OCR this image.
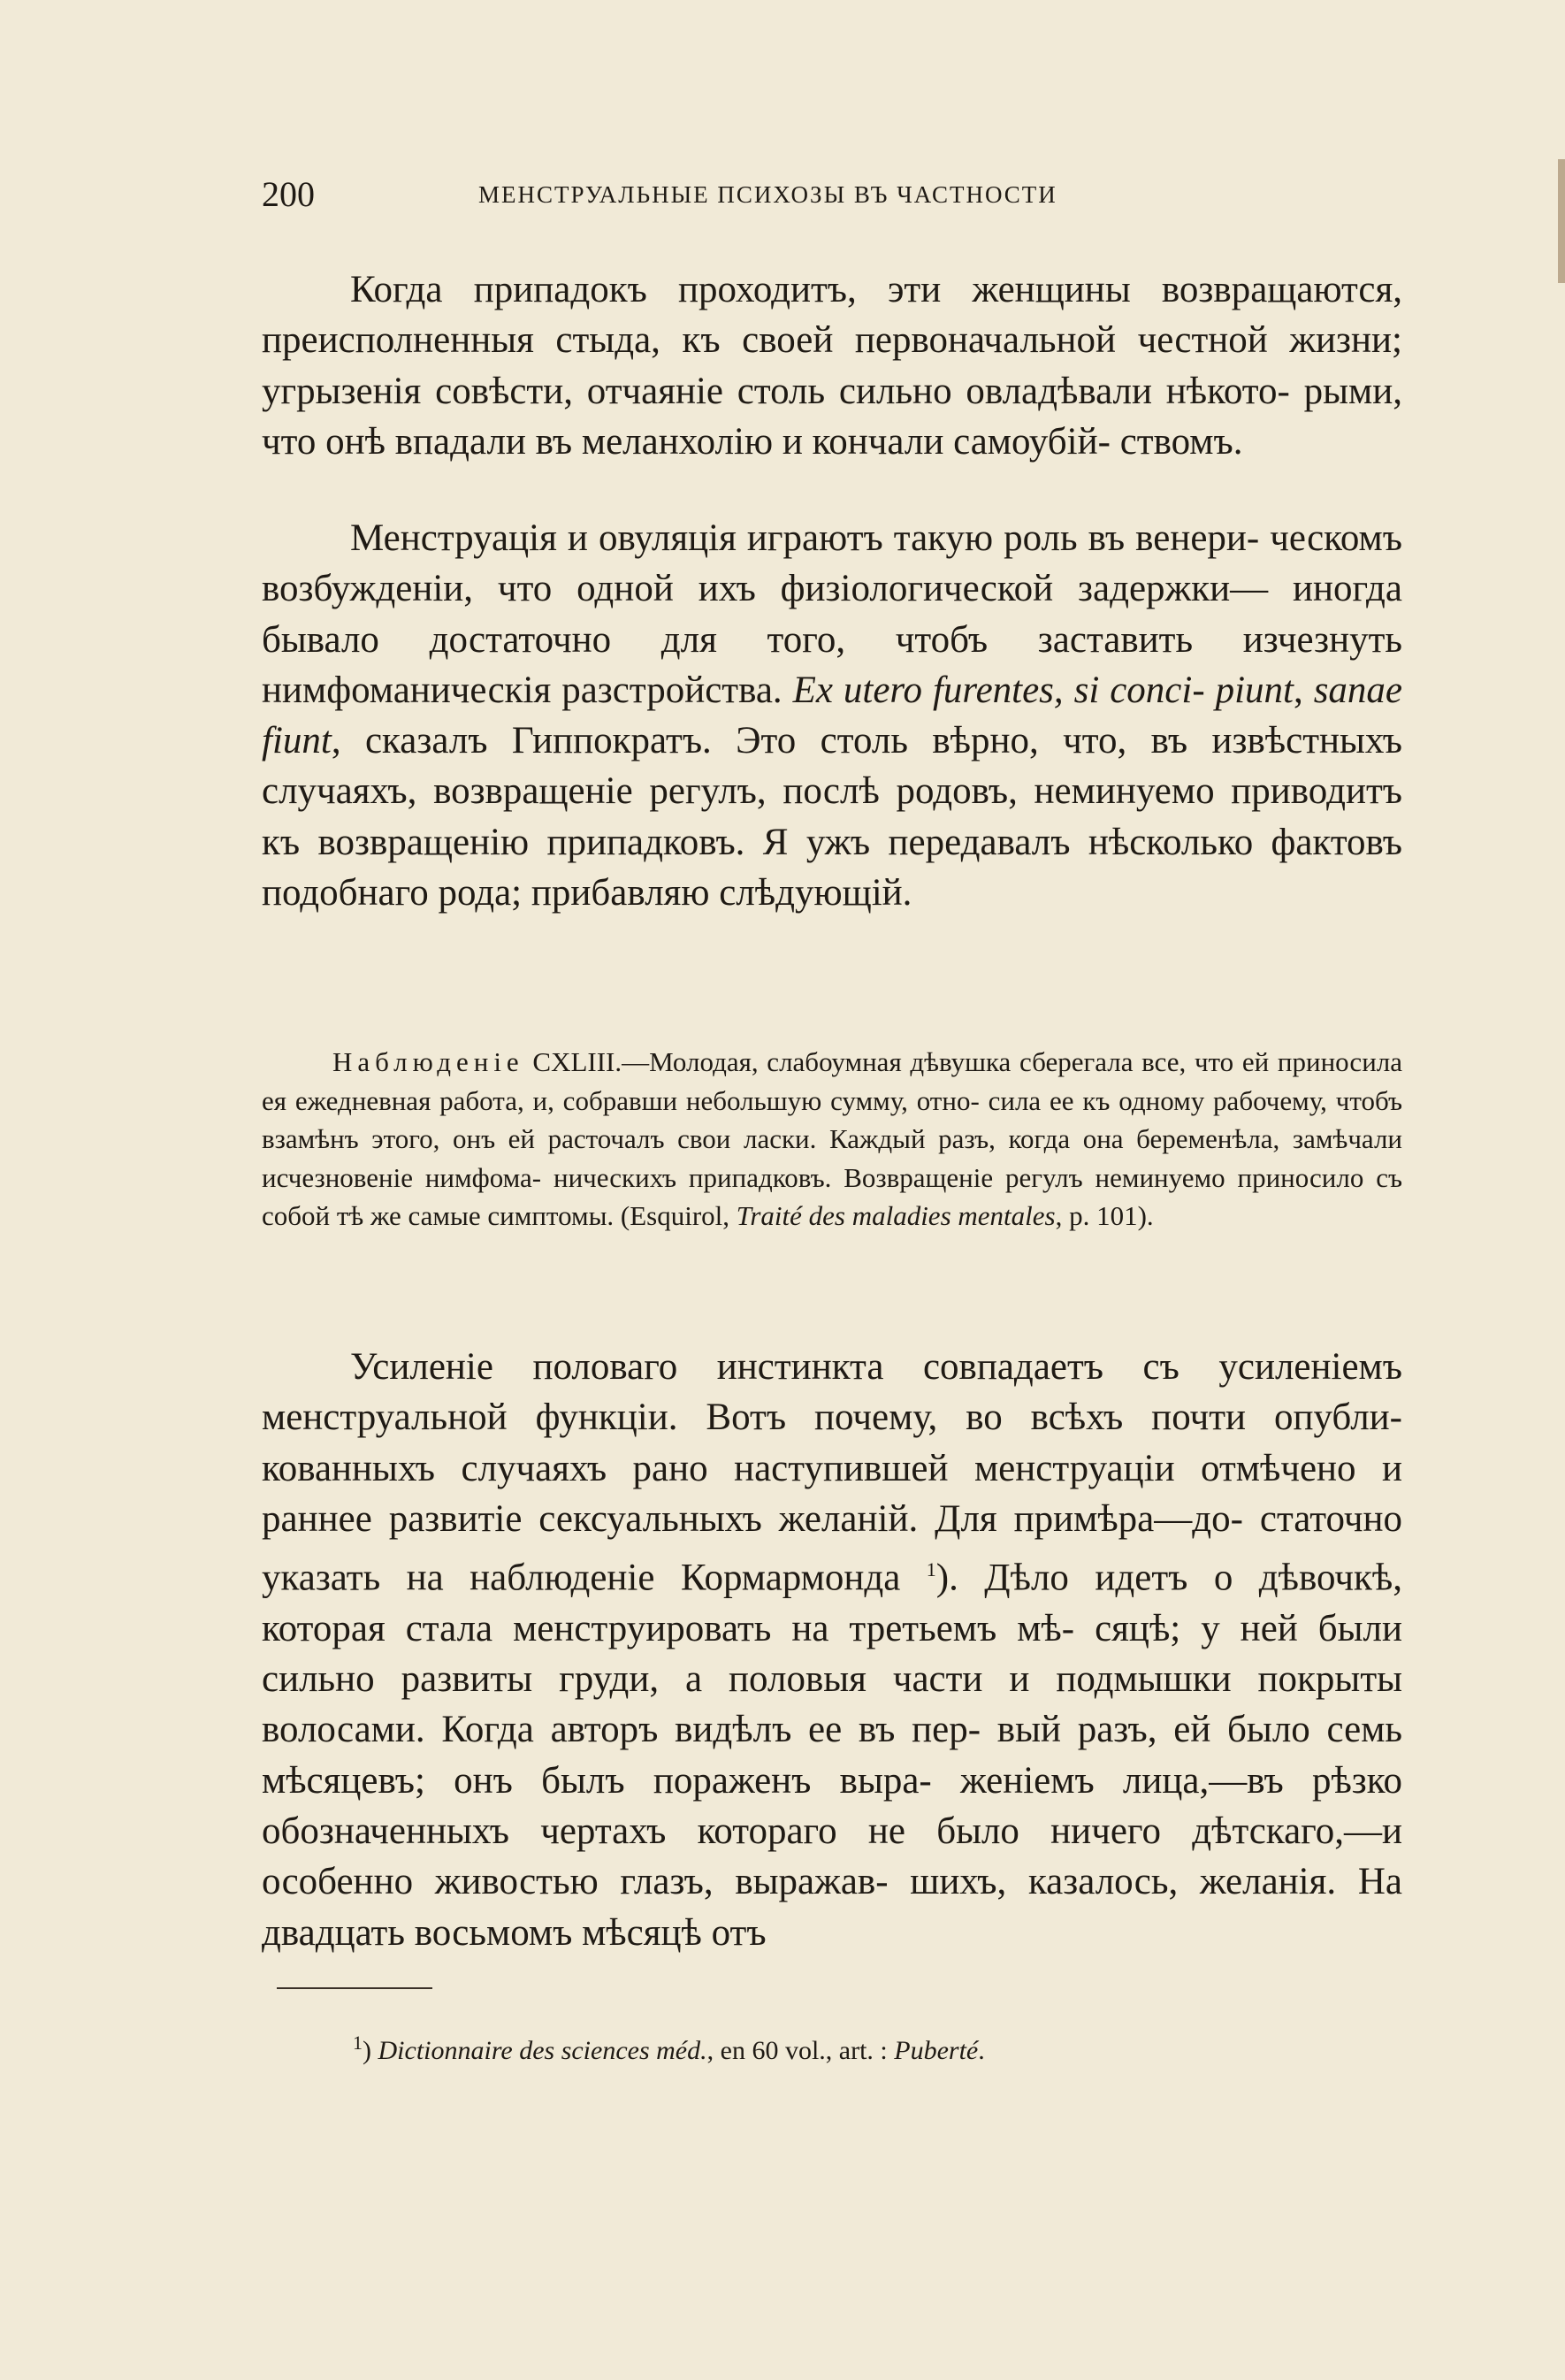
200	МЕНСТРУАЛЬНЫЕ ПСИХОЗЫ ВЪ ЧАСТНОСТИ

Когда припадокъ проходитъ, эти женщины возвращаются, преисполненныя стыда, къ своей первоначальной честной жизни; угрызенія совѣсти, отчаяніе столь сильно овладѣвали нѣкото- рыми, что онѣ впадали въ меланхолію и кончали самоубій- ствомъ.

Менструація и овуляція играютъ такую роль въ венери- ческомъ возбужденіи, что одной ихъ физіологической задержки— иногда бывало достаточно для того, чтобъ заставить изчезнуть нимфоманическія разстройства. Ex utero furentes, si conci- piunt, sanae fiunt, сказалъ Гиппократъ. Это столь вѣрно, что, въ извѣстныхъ случаяхъ, возвращеніе регулъ, послѣ родовъ, неминуемо приводитъ къ возвращенію припадковъ. Я ужъ передавалъ нѣсколько фактовъ подобнаго рода; прибавляю слѣдующій.

Наблюденіе CXLIII.—Молодая, слабоумная дѣвушка сберегала все, что ей приносила ея ежедневная работа, и, собравши небольшую сумму, отно- сила ее къ одному рабочему, чтобъ взамѣнъ этого, онъ ей расточалъ свои ласки. Каждый разъ, когда она беременѣла, замѣчали исчезновеніе нимфома- ническихъ припадковъ. Возвращеніе регулъ неминуемо приносило съ собой тѣ же самые симптомы. (Esquirol, Traité des maladies mentales, p. 101).

Усиленіе половаго инстинкта совпадаетъ съ усиленіемъ менструальной функціи. Вотъ почему, во всѣхъ почти опубли- кованныхъ случаяхъ рано наступившей менструаціи отмѣчено и раннее развитіе сексуальныхъ желаній. Для примѣра—до- статочно указать на наблюденіе Кормармонда $^1$). Дѣло идетъ о дѣвочкѣ, которая стала менструировать на третьемъ мѣ- сяцѣ; у ней были сильно развиты груди, а половыя части и подмышки покрыты волосами. Когда авторъ видѣлъ ее въ пер- вый разъ, ей было семь мѣсяцевъ; онъ былъ пораженъ выра- женіемъ лица,—въ рѣзко обозначенныхъ чертахъ котораго не было ничего дѣтскаго,—и особенно живостью глазъ, выражав- шихъ, казалось, желанія. На двадцать восьмомъ мѣсяцѣ отъ

$^1$) Dictionnaire des sciences méd., en 60 vol., art. : Puberté.
